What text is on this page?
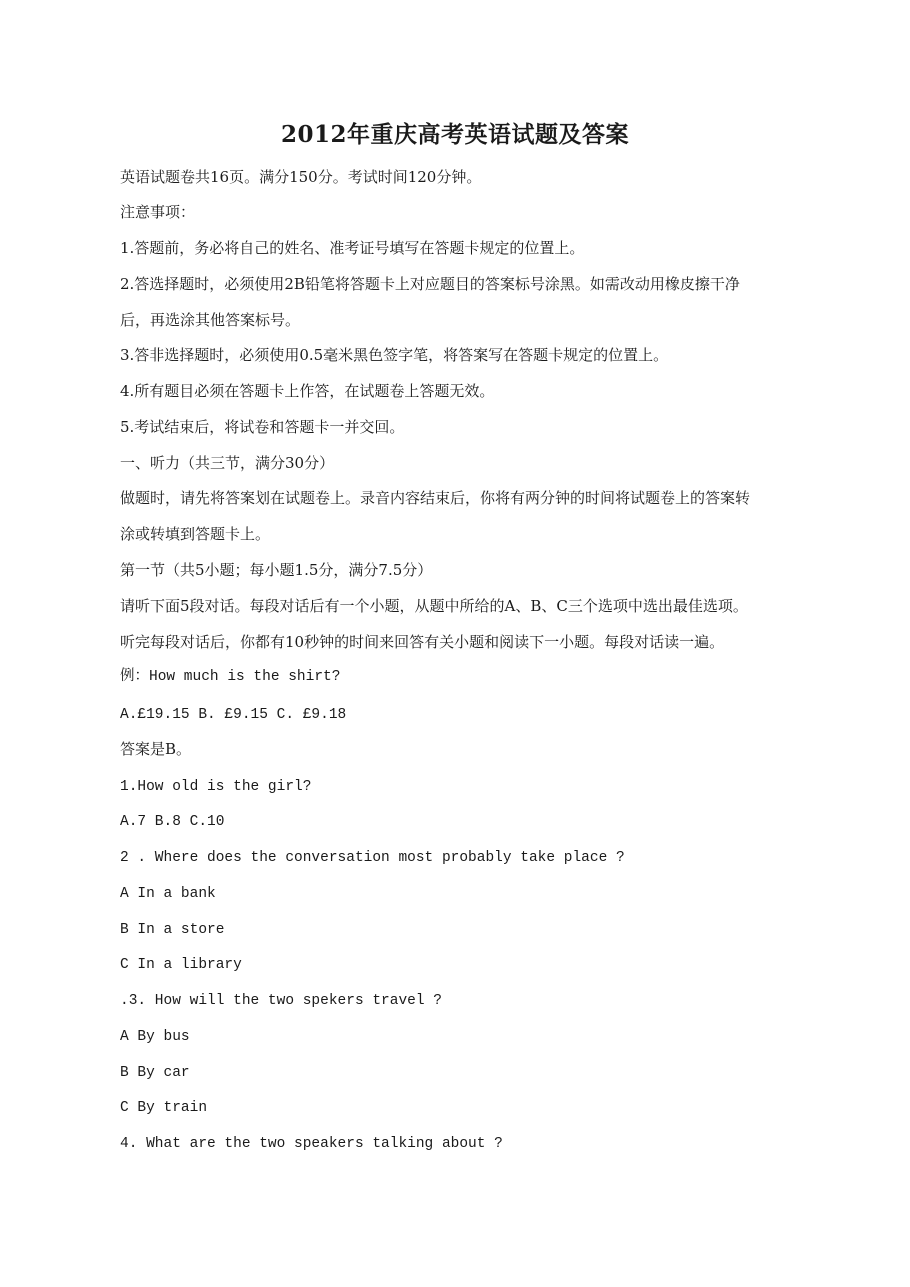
2012年重庆高考英语试题及答案
英语试题卷共16页。满分150分。考试时间120分钟。
注意事项：
1.答题前，务必将自己的姓名、准考证号填写在答题卡规定的位置上。
2.答选择题时，必须使用2B铅笔将答题卡上对应题目的答案标号涂黑。如需改动用橡皮擦干净
后，再选涂其他答案标号。
3.答非选择题时，必须使用0.5毫米黑色签字笔，将答案写在答题卡规定的位置上。
4.所有题目必须在答题卡上作答，在试题卷上答题无效。
5.考试结束后，将试卷和答题卡一并交回。
一、听力（共三节，满分30分）
做题时，请先将答案划在试题卷上。录音内容结束后，你将有两分钟的时间将试题卷上的答案转
涂或转填到答题卡上。
第一节（共5小题；每小题1.5分，满分7.5分）
请听下面5段对话。每段对话后有一个小题，从题中所给的A、B、C三个选项中选出最佳选项。
听完每段对话后，你都有10秒钟的时间来回答有关小题和阅读下一小题。每段对话读一遍。
例：How much is the shirt?
A.£19.15 B. £9.15 C. £9.18
答案是B。
1.How old is the girl?
A.7 B.8 C.10
2 . Where does the conversation most probably take place ?
A In a bank
B In a store
C In a library
.3. How will the two spekers travel ?
A By bus
B By car
C By train
4. What are the two speakers talking about ?
